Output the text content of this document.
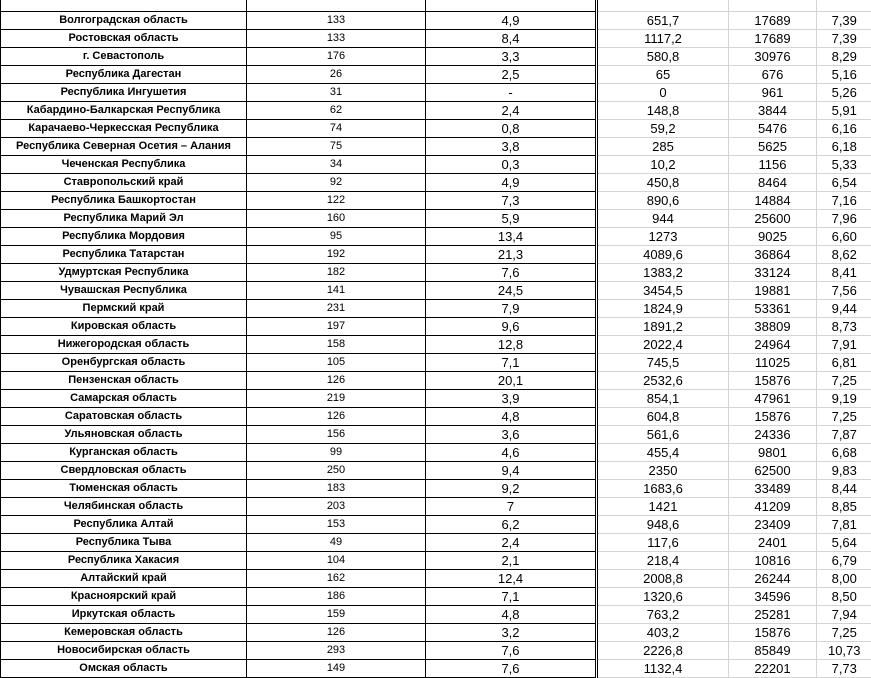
Волгоградская область	133	4,9	651,7	17689	7,39
Ростовская область	133	8,4	1117,2	17689	7,39
г. Севастополь	176	3,3	580,8	30976	8,29
Республика Дагестан	26	2,5	65	676	5,16
Республика Ингушетия	31	-	0	961	5,26
Кабардино-Балкарская Республика	62	2,4	148,8	3844	5,91
Карачаево-Черкесская Республика	74	0,8	59,2	5476	6,16
Республика Северная Осетия – Алания	75	3,8	285	5625	6,18
Чеченская Республика	34	0,3	10,2	1156	5,33
Ставропольский край	92	4,9	450,8	8464	6,54
Республика Башкортостан	122	7,3	890,6	14884	7,16
Республика Марий Эл	160	5,9	944	25600	7,96
Республика Мордовия	95	13,4	1273	9025	6,60
Республика Татарстан	192	21,3	4089,6	36864	8,62
Удмуртская Республика	182	7,6	1383,2	33124	8,41
Чувашская Республика	141	24,5	3454,5	19881	7,56
Пермский край	231	7,9	1824,9	53361	9,44
Кировская область	197	9,6	1891,2	38809	8,73
Нижегородская область	158	12,8	2022,4	24964	7,91
Оренбургская область	105	7,1	745,5	11025	6,81
Пензенская область	126	20,1	2532,6	15876	7,25
Самарская область	219	3,9	854,1	47961	9,19
Саратовская область	126	4,8	604,8	15876	7,25
Ульяновская область	156	3,6	561,6	24336	7,87
Курганская область	99	4,6	455,4	9801	6,68
Свердловская область	250	9,4	2350	62500	9,83
Тюменская область	183	9,2	1683,6	33489	8,44
Челябинская область	203	7	1421	41209	8,85
Республика Алтай	153	6,2	948,6	23409	7,81
Республика Тыва	49	2,4	117,6	2401	5,64
Республика Хакасия	104	2,1	218,4	10816	6,79
Алтайский край	162	12,4	2008,8	26244	8,00
Красноярский край	186	7,1	1320,6	34596	8,50
Иркутская область	159	4,8	763,2	25281	7,94
Кемеровская область	126	3,2	403,2	15876	7,25
Новосибирская область	293	7,6	2226,8	85849	10,73
Омская область	149	7,6	1132,4	22201	7,73
